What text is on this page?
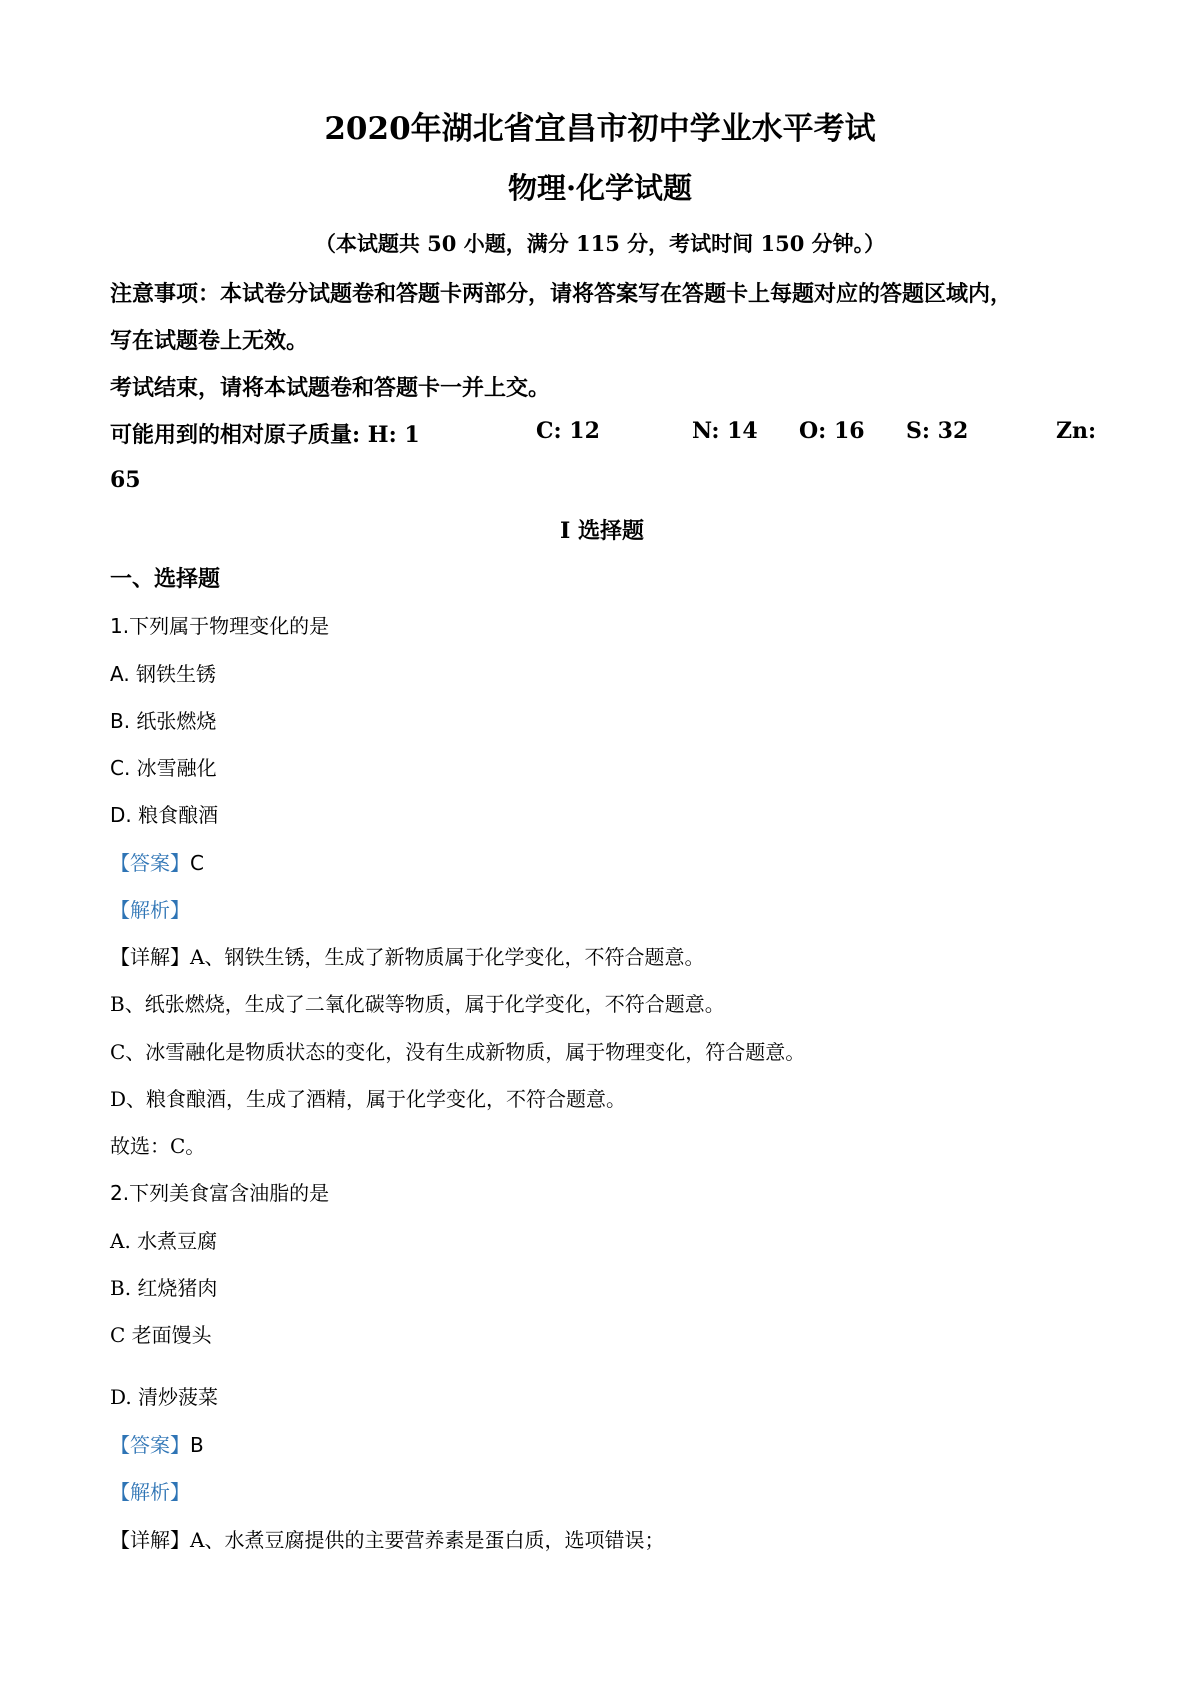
2020年湖北省宜昌市初中学业水平考试
物理·化学试题
（本试题共 50 小题，满分 115 分，考试时间 150 分钟。）
注意事项：本试卷分试题卷和答题卡两部分，请将答案写在答题卡上每题对应的答题区域内，
写在试题卷上无效。
考试结束，请将本试题卷和答题卡一并上交。
可能用到的相对原子质量: H: 1	C: 12	N: 14 O: 16 S: 32	Zn:
65
I 选择题
一、选择题
1.下列属于物理变化的是
A. 钢铁生锈
B. 纸张燃烧
C. 冰雪融化
D. 粮食酿酒
【答案】C
【解析】
【详解】A、钢铁生锈，生成了新物质属于化学变化，不符合题意。
B、纸张燃烧，生成了二氧化碳等物质，属于化学变化，不符合题意。
C、冰雪融化是物质状态的变化，没有生成新物质，属于物理变化，符合题意。
D、粮食酿酒，生成了酒精，属于化学变化，不符合题意。
故选：C。
2.下列美食富含油脂的是
A. 水煮豆腐
B. 红烧猪肉
C 老面馒头
D. 清炒菠菜
【答案】B
【解析】
【详解】A、水煮豆腐提供的主要营养素是蛋白质，选项错误；
